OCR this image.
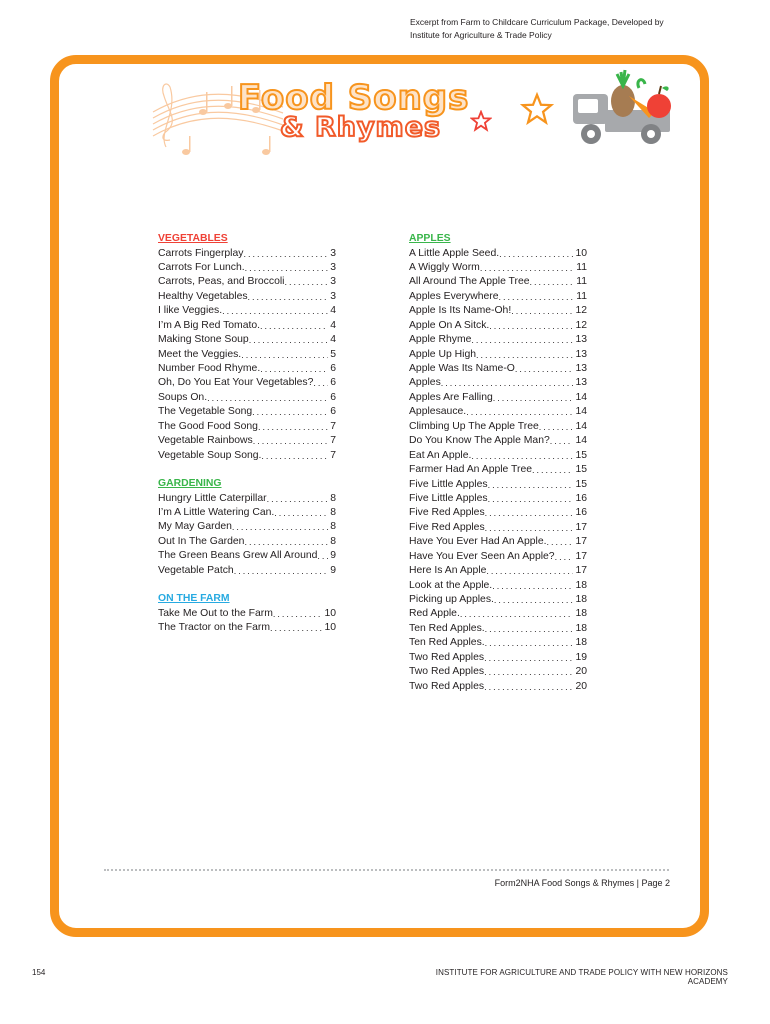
Excerpt from Farm to Childcare Curriculum Package, Developed by
Institute for Agriculture & Trade Policy
Food Songs
& Rhymes
VEGETABLES
Carrots Fingerplay .....	3
Carrots For Lunch. .....	3
Carrots, Peas, and Broccoli .....	3
Healthy Vegetables .....	3
I like Veggies. .....	4
I’m A Big Red Tomato. .....	4
Making Stone Soup .....	4
Meet the Veggies. .....	5
Number Food Rhyme. .....	6
Oh, Do You Eat Your Vegetables? ..... 6
Soups On. .....	6
The Vegetable Song .....	6
The Good Food Song .....	7
Vegetable Rainbows .....	7
Vegetable Soup Song. .....	7
GARDENING
Hungry Little Caterpillar .....	8
I’m A Little Watering Can. .....	8
My May Garden .....	8
Out In The Garden .....	8
The Green Beans Grew All Around ..... 9
Vegetable Patch .....	9
ON THE FARM
Take Me Out to the Farm .....	10
The Tractor on the Farm .....	10
APPLES
A Little Apple Seed. .....	10
A Wiggly Worm .....	11
All Around The Apple Tree .....	11
Apples Everywhere .....	11
Apple Is Its Name-Oh! .....	12
Apple On A Sitck. .....	12
Apple Rhyme .....	13
Apple Up High .....	13
Apple Was Its Name-O .....	13
Apples .....	13
Apples Are Falling .....	14
Applesauce. .....	14
Climbing Up The Apple Tree .....	14
Do You Know The Apple Man? ..... 14
Eat An Apple. .....	15
Farmer Had An Apple Tree .....	15
Five Little Apples .....	15
Five Little Apples .....	16
Five Red Apples .....	16
Five Red Apples .....	17
Have You Ever Had An Apple. .....	17
Have You Ever Seen An Apple? ..... 17
Here Is An Apple .....	17
Look at the Apple. .....	18
Picking up Apples. .....	18
Red Apple. .....	18
Ten Red Apples. .....	18
Ten Red Apples. .....	18
Two Red Apples .....	19
Two Red Apples .....	20
Two Red Apples .....	20
Form2NHA Food Songs & Rhymes | Page 2
154	INSTITUTE FOR AGRICULTURE AND TRADE POLICY WITH NEW HORIZONS ACADEMY
